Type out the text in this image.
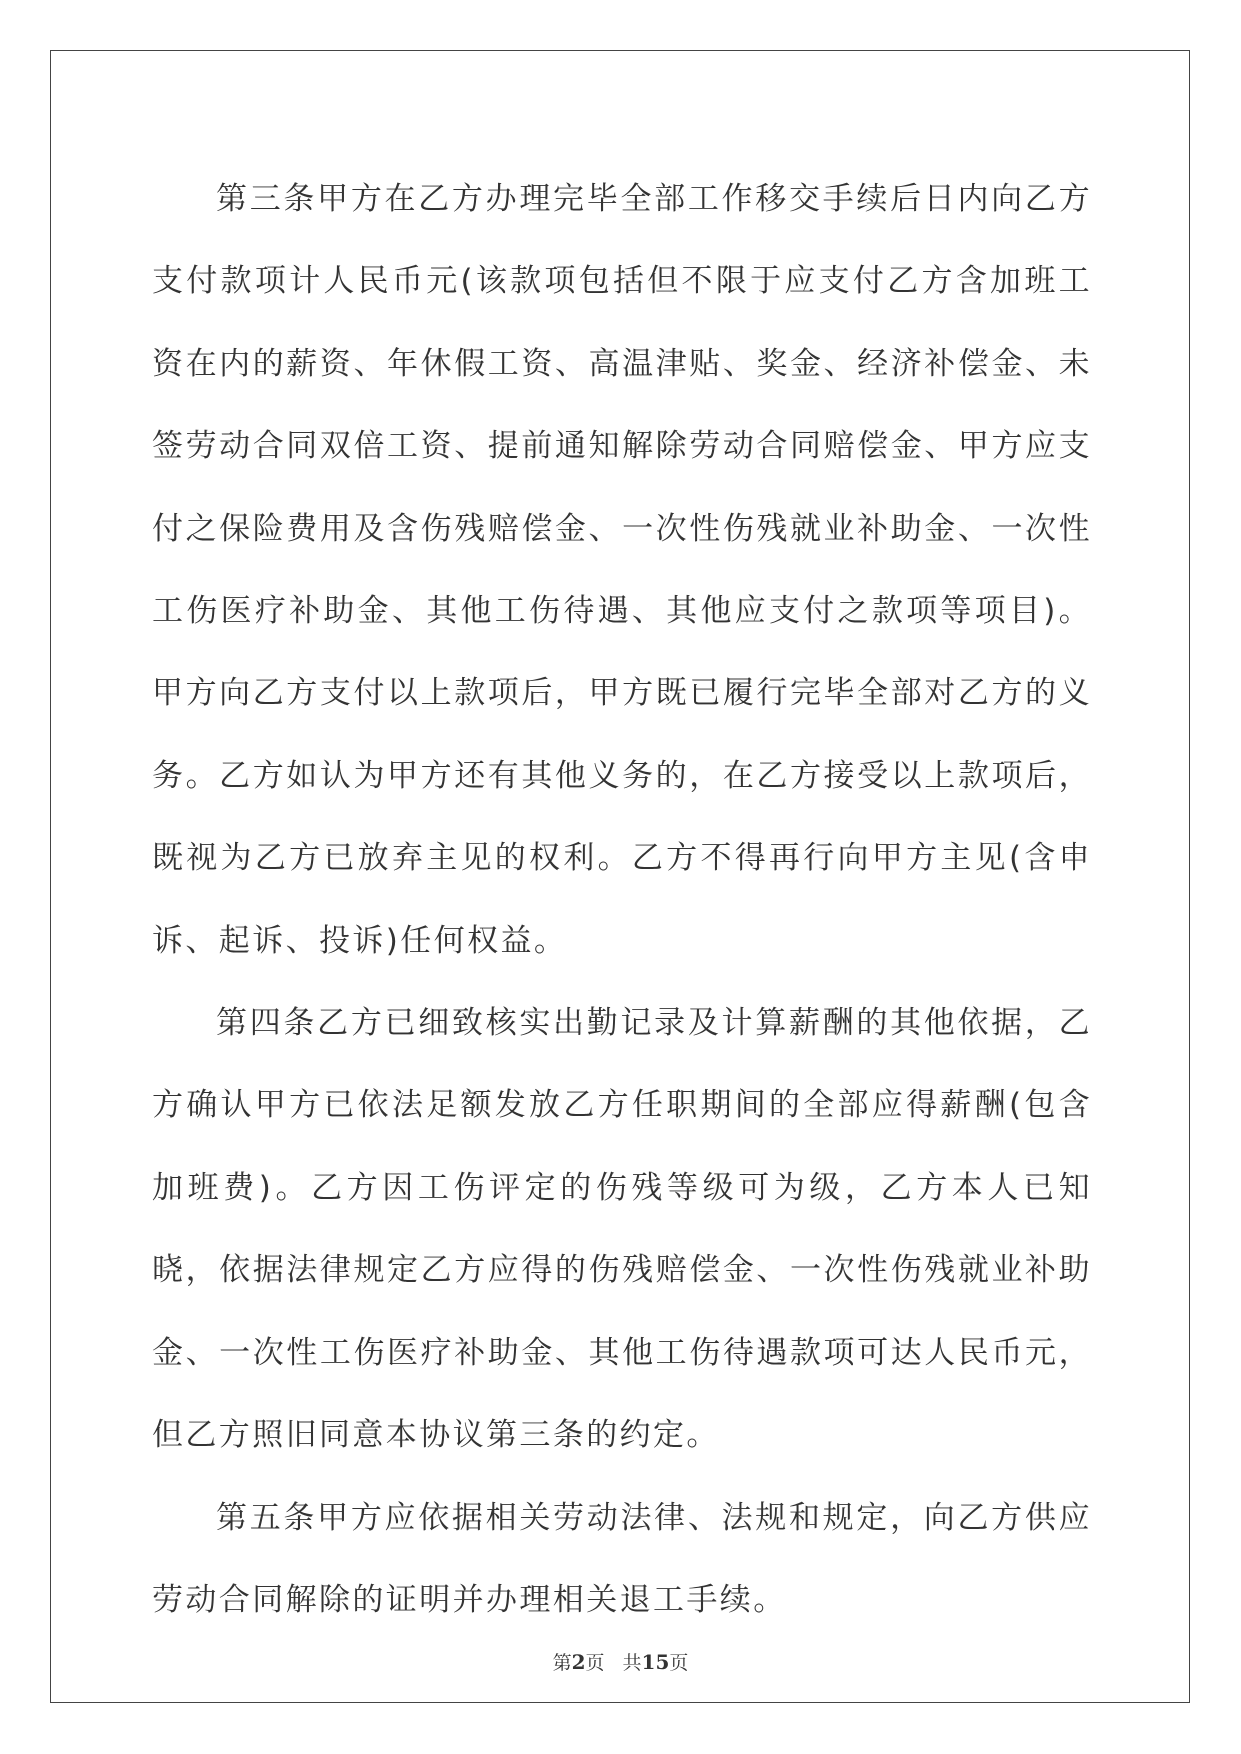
第三条甲方在乙方办理完毕全部工作移交手续后日内向乙方支付款项计人民币元(该款项包括但不限于应支付乙方含加班工资在内的薪资、年休假工资、高温津贴、奖金、经济补偿金、未签劳动合同双倍工资、提前通知解除劳动合同赔偿金、甲方应支付之保险费用及含伤残赔偿金、一次性伤残就业补助金、一次性工伤医疗补助金、其他工伤待遇、其他应支付之款项等项目)。甲方向乙方支付以上款项后，甲方既已履行完毕全部对乙方的义务。乙方如认为甲方还有其他义务的，在乙方接受以上款项后，既视为乙方已放弃主见的权利。乙方不得再行向甲方主见(含申诉、起诉、投诉)任何权益。

第四条乙方已细致核实出勤记录及计算薪酬的其他依据，乙方确认甲方已依法足额发放乙方任职期间的全部应得薪酬(包含加班费)。乙方因工伤评定的伤残等级可为级，乙方本人已知晓，依据法律规定乙方应得的伤残赔偿金、一次性伤残就业补助金、一次性工伤医疗补助金、其他工伤待遇款项可达人民币元，但乙方照旧同意本协议第三条的约定。

第五条甲方应依据相关劳动法律、法规和规定，向乙方供应劳动合同解除的证明并办理相关退工手续。

第2页 共15页
